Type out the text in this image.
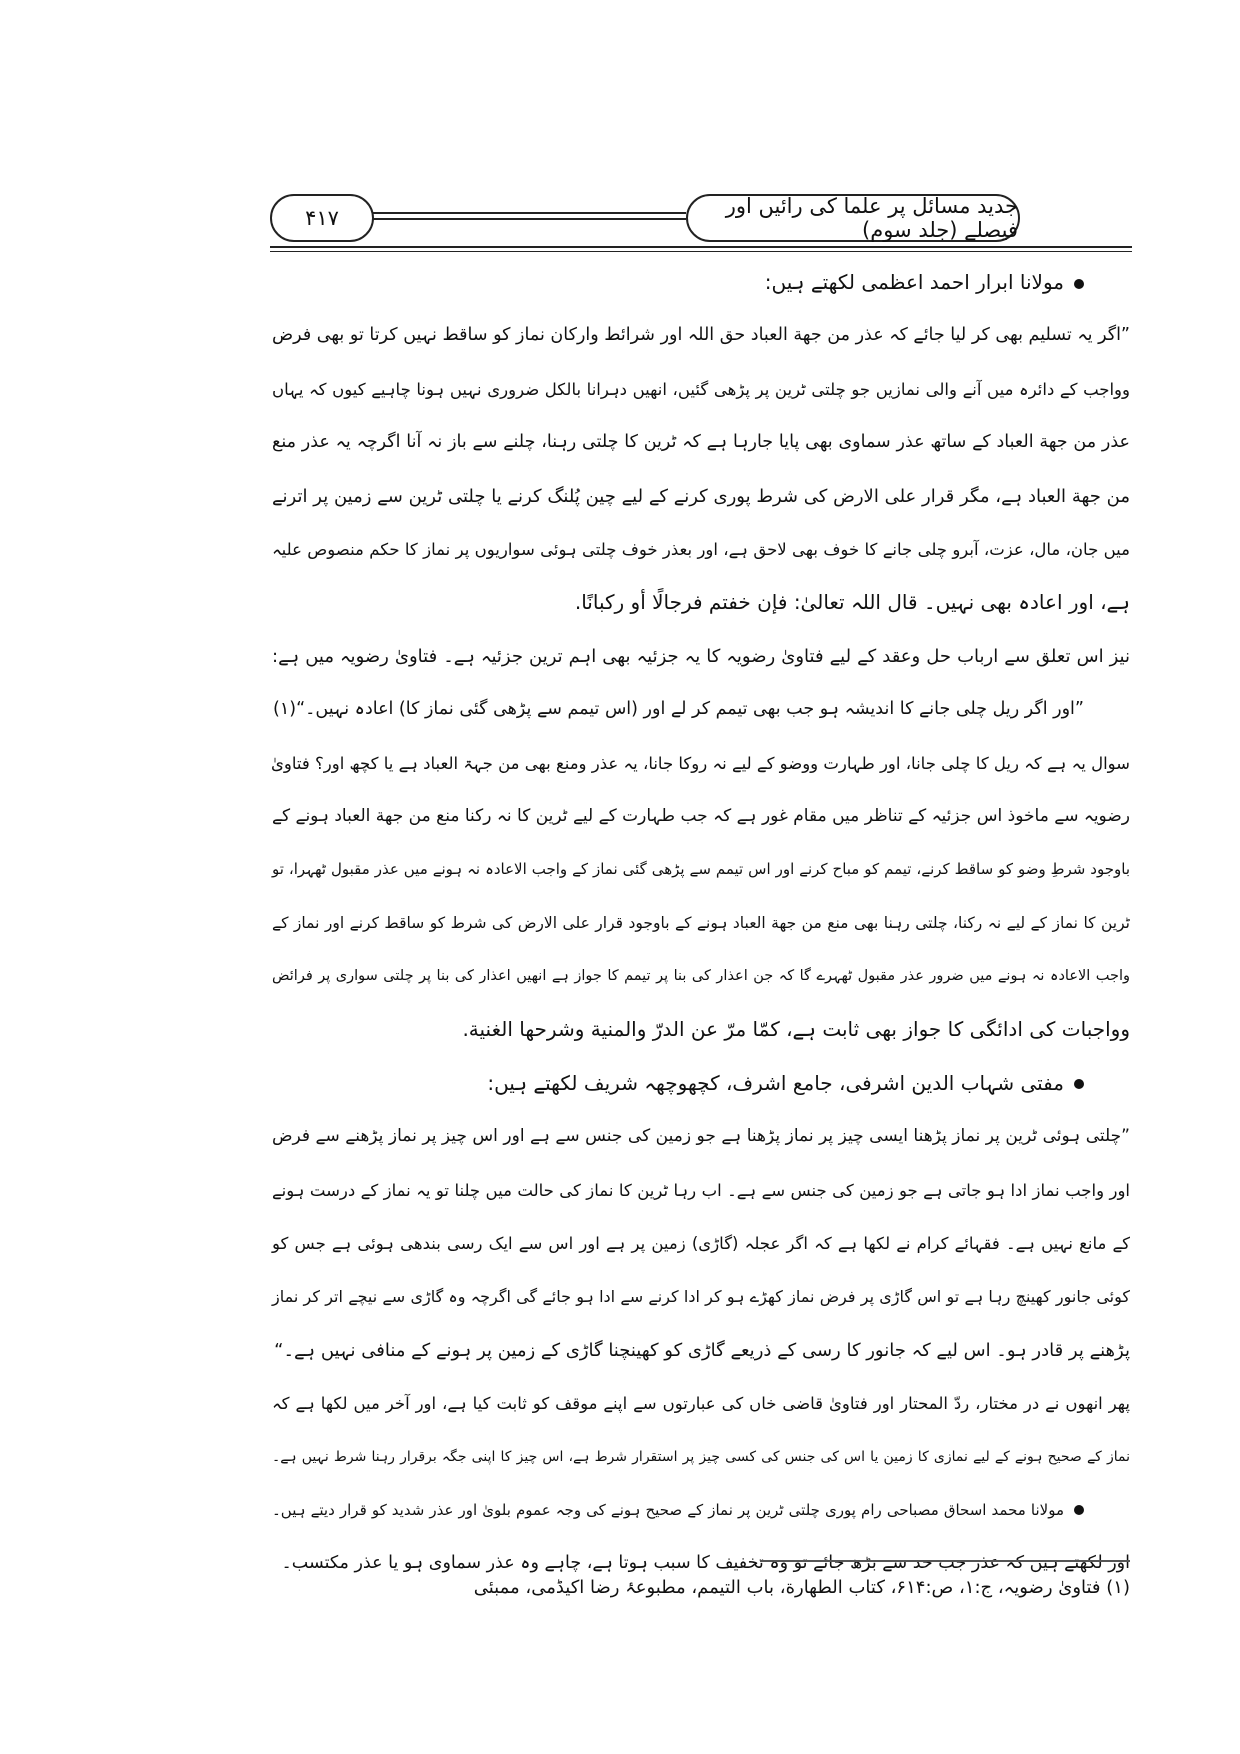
جدید مسائل پر علما کی رائیں اور فیصلے (جلد سوم)
۴۱۷
مولانا ابرار احمد اعظمی لکھتے ہیں:
”اگر یہ تسلیم بھی کر لیا جائے کہ عذر من جهة العباد حق اللہ اور شرائط وارکان نماز کو ساقط نہیں کرتا تو بھی فرض
وواجب کے دائرہ میں آنے والی نمازیں جو چلتی ٹرین پر پڑھی گئیں، انھیں دہرانا بالکل ضروری نہیں ہونا چاہیے کیوں کہ یہاں
عذر من جهة العباد کے ساتھ عذر سماوی بھی پایا جارہا ہے کہ ٹرین کا چلتی رہنا، چلنے سے باز نہ آنا اگرچہ یہ عذر منع
من جهة العباد ہے، مگر قرار علی الارض کی شرط پوری کرنے کے لیے چین پُلنگ کرنے یا چلتی ٹرین سے زمین پر اترنے
میں جان، مال، عزت، آبرو چلی جانے کا خوف بھی لاحق ہے، اور بعذر خوف چلتی ہوئی سواریوں پر نماز کا حکم منصوص علیہ
ہے، اور اعادہ بھی نہیں۔ قال اللہ تعالیٰ: فإن خفتم فرجالًا أو ركبانًا.
نیز اس تعلق سے ارباب حل وعقد کے لیے فتاویٰ رضویہ کا یہ جزئیہ بھی اہم ترین جزئیہ ہے۔ فتاویٰ رضویہ میں ہے:
”اور اگر ریل چلی جانے کا اندیشہ ہو جب بھی تیمم کر لے اور (اس تیمم سے پڑھی گئی نماز کا) اعادہ نہیں۔“(۱)
سوال یہ ہے کہ ریل کا چلی جانا، اور طہارت ووضو کے لیے نہ روکا جانا، یہ عذر ومنع بھی من جہۃ العباد ہے یا کچھ اور؟ فتاویٰ
رضویہ سے ماخوذ اس جزئیہ کے تناظر میں مقام غور ہے کہ جب طہارت کے لیے ٹرین کا نہ رکنا منع من جهة العباد ہونے کے
باوجود شرطِ وضو کو ساقط کرنے، تیمم کو مباح کرنے اور اس تیمم سے پڑھی گئی نماز کے واجب الاعادہ نہ ہونے میں عذر مقبول ٹھہرا، تو
ٹرین کا نماز کے لیے نہ رکنا، چلتی رہنا بھی منع من جهة العباد ہونے کے باوجود قرار علی الارض کی شرط کو ساقط کرنے اور نماز کے
واجب الاعادہ نہ ہونے میں ضرور عذر مقبول ٹھہرے گا کہ جن اعذار کی بنا پر تیمم کا جواز ہے انھیں اعذار کی بنا پر چلتی سواری پر فرائض
وواجبات کی ادائگی کا جواز بھی ثابت ہے، کمّا مرّ عن الدرّ والمنية وشرحها الغنية.
مفتی شہاب الدین اشرفی، جامع اشرف، کچھوچھہ شریف لکھتے ہیں:
”چلتی ہوئی ٹرین پر نماز پڑھنا ایسی چیز پر نماز پڑھنا ہے جو زمین کی جنس سے ہے اور اس چیز پر نماز پڑھنے سے فرض
اور واجب نماز ادا ہو جاتی ہے جو زمین کی جنس سے ہے۔ اب رہا ٹرین کا نماز کی حالت میں چلنا تو یہ نماز کے درست ہونے
کے مانع نہیں ہے۔ فقہائے کرام نے لکھا ہے کہ اگر عجلہ (گاڑی) زمین پر ہے اور اس سے ایک رسی بندھی ہوئی ہے جس کو
کوئی جانور کھینچ رہا ہے تو اس گاڑی پر فرض نماز کھڑے ہو کر ادا کرنے سے ادا ہو جائے گی اگرچہ وہ گاڑی سے نیچے اتر کر نماز
پڑھنے پر قادر ہو۔ اس لیے کہ جانور کا رسی کے ذریعے گاڑی کو کھینچنا گاڑی کے زمین پر ہونے کے منافی نہیں ہے۔“
پھر انھوں نے در مختار، ردّ المحتار اور فتاویٰ قاضی خاں کی عبارتوں سے اپنے موقف کو ثابت کیا ہے، اور آخر میں لکھا ہے کہ
نماز کے صحیح ہونے کے لیے نمازی کا زمین یا اس کی جنس کی کسی چیز پر استقرار شرط ہے، اس چیز کا اپنی جگہ برقرار رہنا شرط نہیں ہے۔
مولانا محمد اسحاق مصباحی رام پوری چلتی ٹرین پر نماز کے صحیح ہونے کی وجہ عموم بلویٰ اور عذر شدید کو قرار دیتے ہیں۔
اور لکھتے ہیں کہ عذر جب حد سے بڑھ جائے تو وہ تخفیف کا سبب ہوتا ہے، چاہے وہ عذر سماوی ہو یا عذر مکتسب۔
(۱) فتاویٰ رضویہ، ج:۱، ص:۶۱۴، کتاب الطهارة، باب التيمم، مطبوعۂ رضا اکیڈمی، ممبئی
